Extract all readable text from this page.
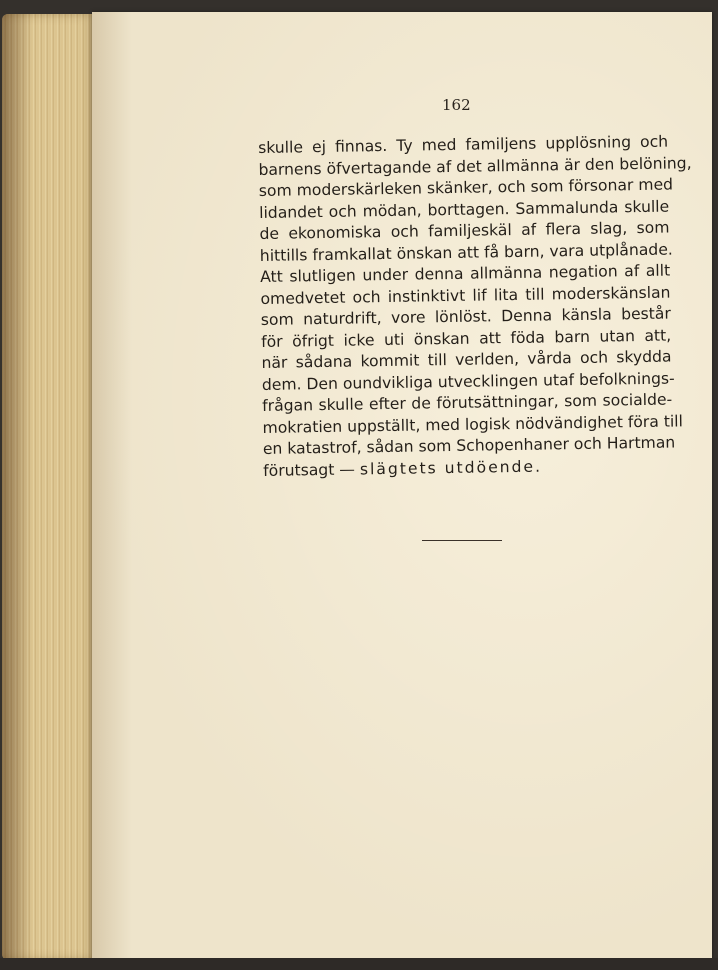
162
skulle ej finnas. Ty med familjens upplösning och
barnens öfvertagande af det allmänna är den belöning,
som moderskärleken skänker, och som försonar med
lidandet och mödan, borttagen. Sammalunda skulle
de ekonomiska och familjeskäl af flera slag, som
hittills framkallat önskan att få barn, vara utplånade.
Att slutligen under denna allmänna negation af allt
omedvetet och instinktivt lif lita till moderskänslan
som naturdrift, vore lönlöst. Denna känsla består
för öfrigt icke uti önskan att föda barn utan att,
när sådana kommit till verlden, vårda och skydda
dem. Den oundvikliga utvecklingen utaf befolknings-
frågan skulle efter de förutsättningar, som socialde-
mokratien uppställt, med logisk nödvändighet föra till
en katastrof, sådan som Schopenhaner och Hartman
förutsagt — slägtets utdöende.
